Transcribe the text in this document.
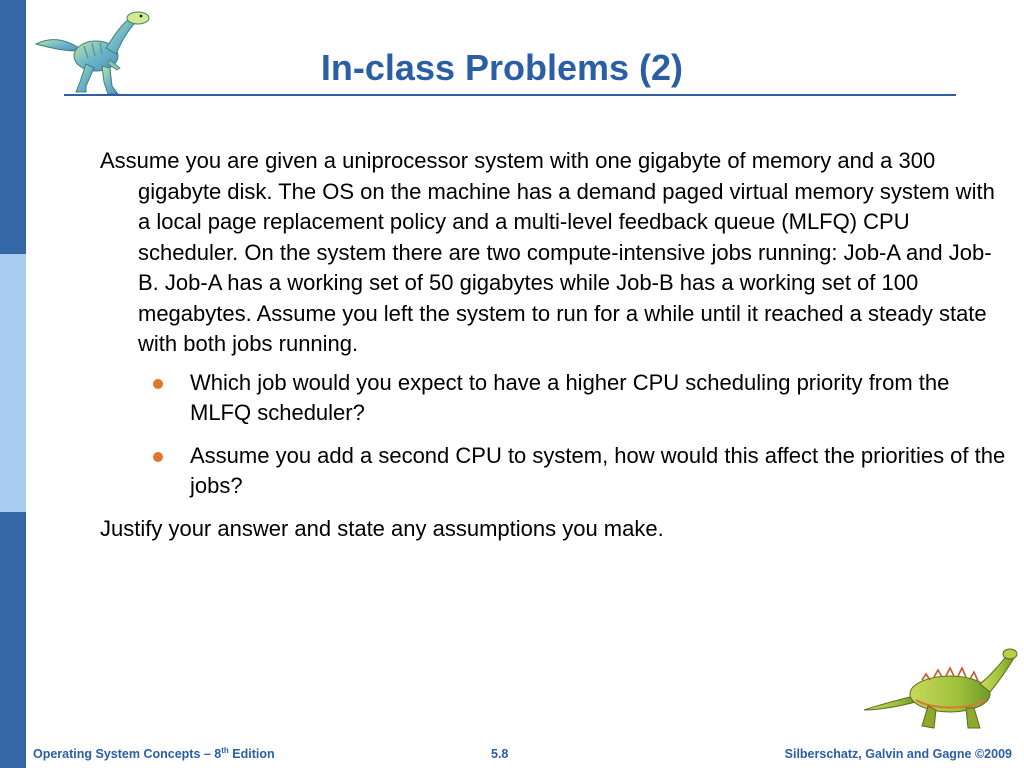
In-class Problems (2)

Assume you are given a uniprocessor system with one gigabyte of memory and a 300 gigabyte disk. The OS on the machine has a demand paged virtual memory system with a local page replacement policy and a multi-level feedback queue (MLFQ) CPU scheduler. On the system there are two compute-intensive jobs running: Job-A and Job-B. Job-A has a working set of 50 gigabytes while Job-B has a working set of 100 megabytes. Assume you left the system to run for a while until it reached a steady state with both jobs running.

Which job would you expect to have a higher CPU scheduling priority from the MLFQ scheduler?
Assume you add a second CPU to system, how would this affect the priorities of the jobs?

Justify your answer and state any assumptions you make.

Operating System Concepts – 8th Edition	5.8	Silberschatz, Galvin and Gagne ©2009
